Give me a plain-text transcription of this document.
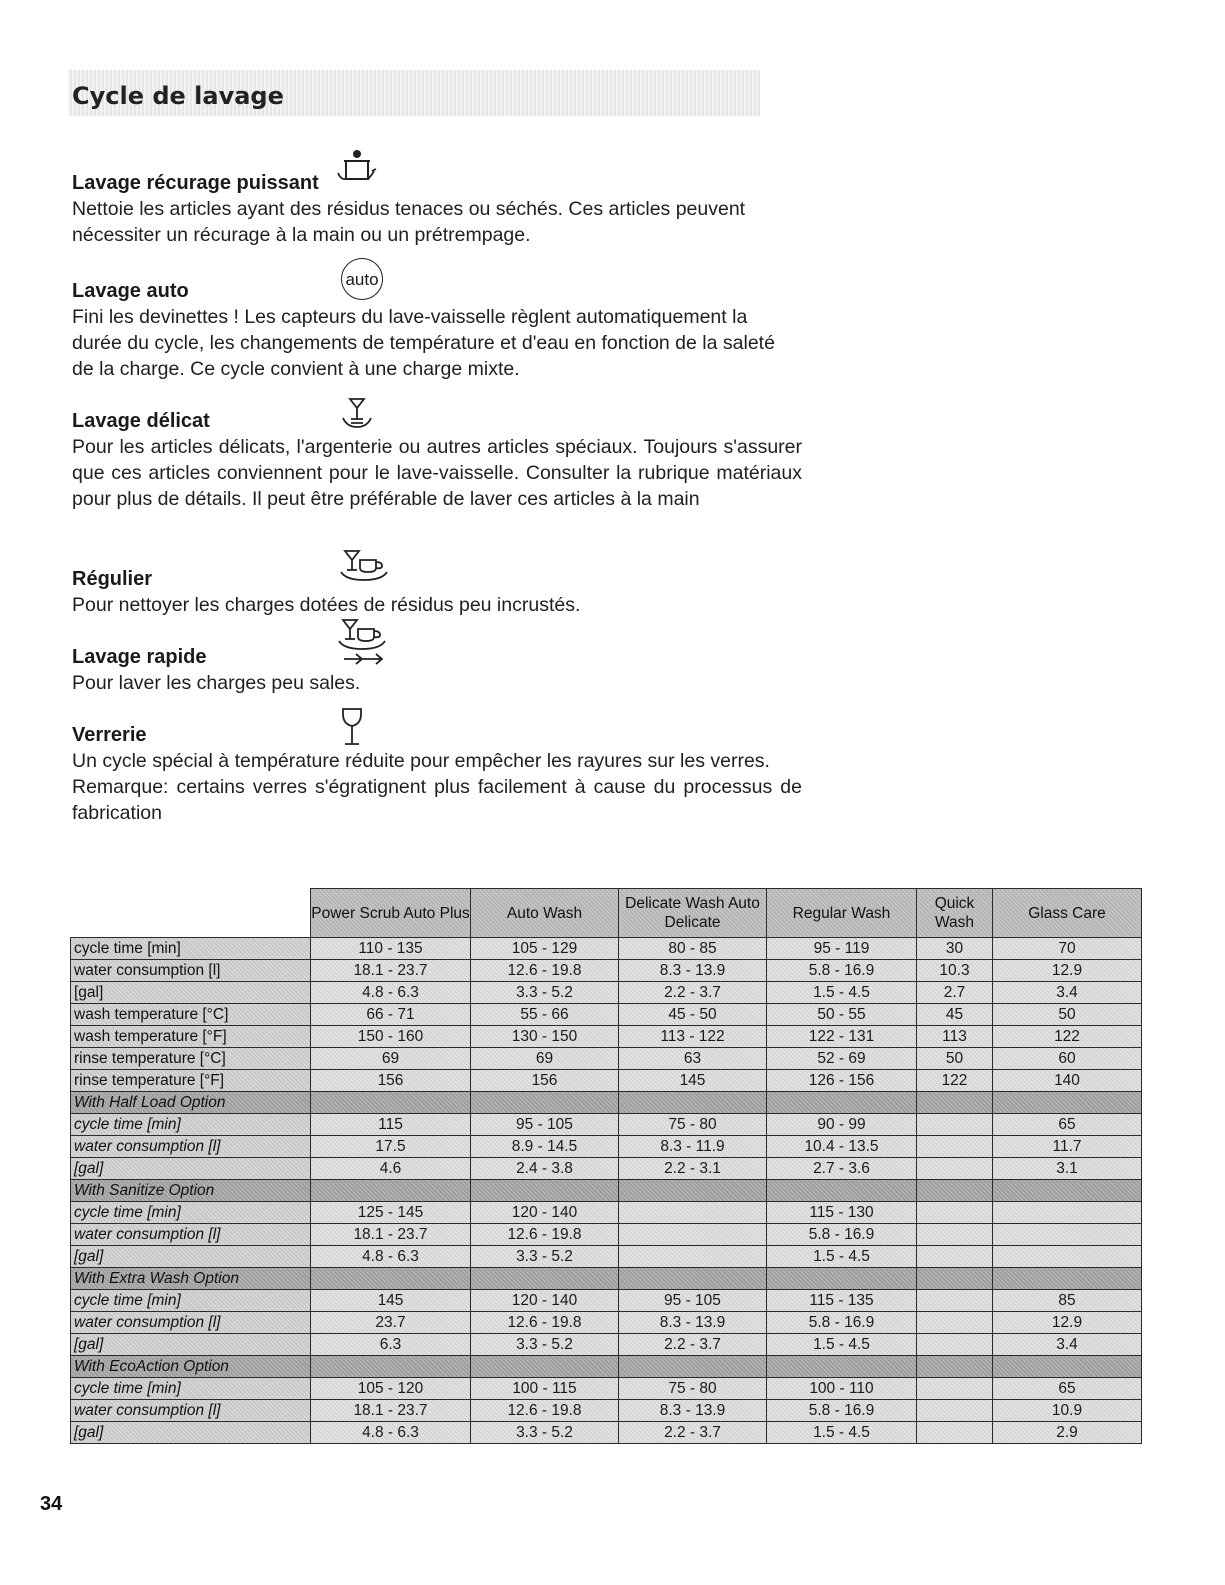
Cycle de lavage
Lavage récurage puissant

Nettoie les articles ayant des résidus tenaces ou séchés. Ces articles peuvent nécessiter un récurage à la main ou un prétrempage.

Lavage auto

Fini les devinettes ! Les capteurs du lave-vaisselle règlent automatiquement la durée du cycle, les changements de température et d'eau en fonction de la saleté de la charge. Ce cycle convient à une charge mixte.

auto
Lavage délicat

Pour les articles délicats, l'argenterie ou autres articles spéciaux. Toujours s'assurer que ces articles conviennent pour le lave-vaisselle. Consulter la rubrique matériaux pour plus de détails. Il peut être préférable de laver ces articles à la main

Régulier

Pour nettoyer les charges dotées de résidus peu incrustés.

Lavage rapide

Pour laver les charges peu sales.

Verrerie

Un cycle spécial à température réduite pour empêcher les rayures sur les verres.

Remarque: certains verres s'égratignent plus facilement à cause du processus de fabrication

	Power Scrub Auto Plus	Auto Wash	Delicate Wash Auto Delicate	Regular Wash	Quick Wash	Glass Care
cycle time [min]	110 - 135	105 - 129	80 - 85	95 - 119	30	70
water consumption [l]	18.1 - 23.7	12.6 - 19.8	8.3 - 13.9	5.8 - 16.9	10.3	12.9
[gal]	4.8 - 6.3	3.3 - 5.2	2.2 - 3.7	1.5 - 4.5	2.7	3.4
wash temperature [°C]	66 - 71	55 - 66	45 - 50	50 - 55	45	50
wash temperature [°F]	150 - 160	130 - 150	113 - 122	122 - 131	113	122
rinse temperature [°C]	69	69	63	52 - 69	50	60
rinse temperature [°F]	156	156	145	126 - 156	122	140
With Half Load Option						
cycle time [min]	115	95 - 105	75 - 80	90 - 99		65
water consumption [l]	17.5	8.9 - 14.5	8.3 - 11.9	10.4 - 13.5		11.7
[gal]	4.6	2.4 - 3.8	2.2 - 3.1	2.7 - 3.6		3.1
With Sanitize Option						
cycle time [min]	125 - 145	120 - 140		115 - 130		
water consumption [l]	18.1 - 23.7	12.6 - 19.8		5.8 - 16.9		
[gal]	4.8 - 6.3	3.3 - 5.2		1.5 - 4.5		
With Extra Wash Option						
cycle time [min]	145	120 - 140	95 - 105	115 - 135		85
water consumption [l]	23.7	12.6 - 19.8	8.3 - 13.9	5.8 - 16.9		12.9
[gal]	6.3	3.3 - 5.2	2.2 - 3.7	1.5 - 4.5		3.4
With EcoAction Option						
cycle time [min]	105 - 120	100 - 115	75 - 80	100 - 110		65
water consumption [l]	18.1 - 23.7	12.6 - 19.8	8.3 - 13.9	5.8 - 16.9		10.9
[gal]	4.8 - 6.3	3.3 - 5.2	2.2 - 3.7	1.5 - 4.5		2.9
34
